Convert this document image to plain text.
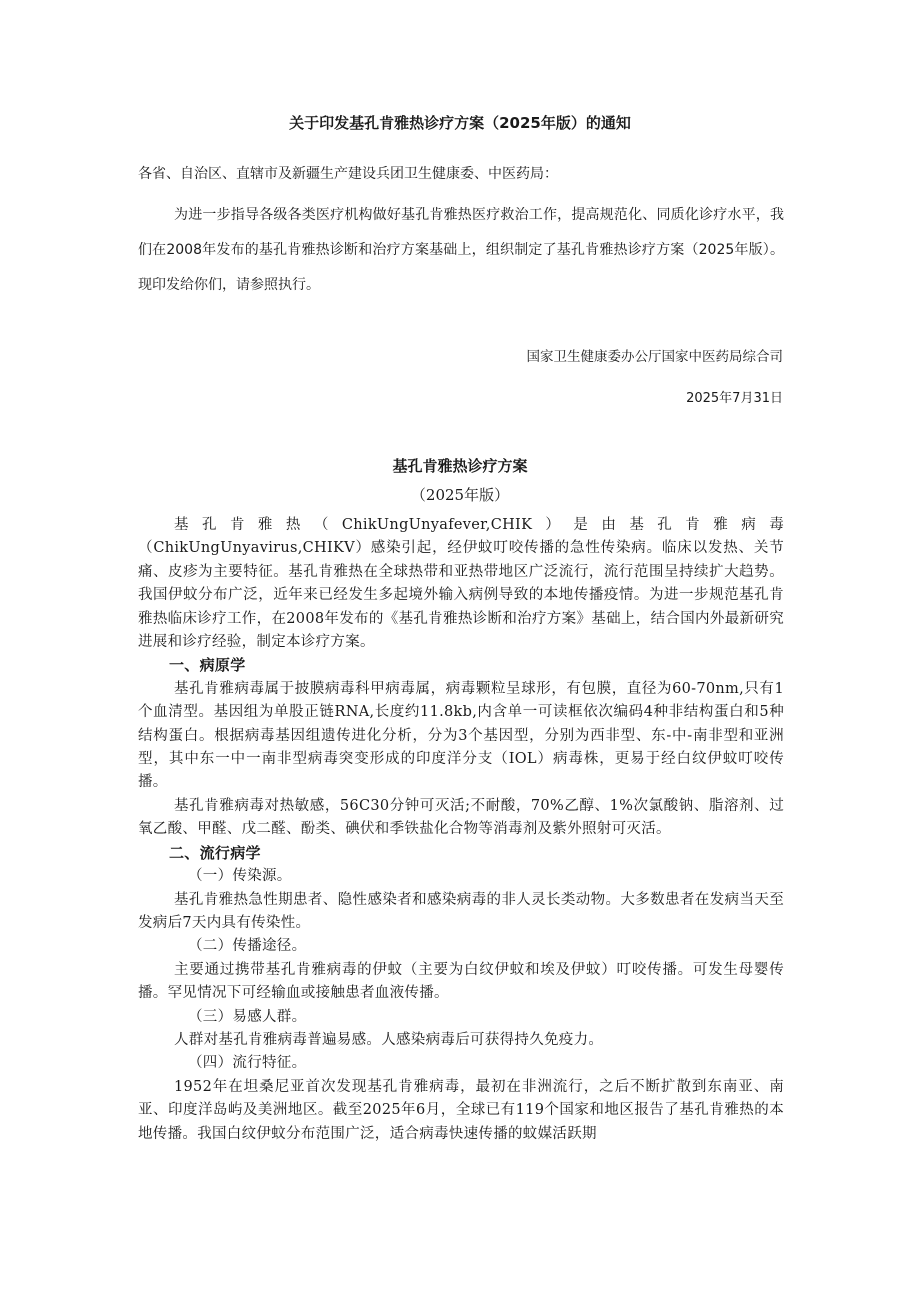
关于印发基孔肯雅热诊疗方案（2025年版）的通知
各省、自治区、直辖市及新疆生产建设兵团卫生健康委、中医药局：
为进一步指导各级各类医疗机构做好基孔肯雅热医疗救治工作，提高规范化、同质化诊疗水平，我们在2008年发布的基孔肯雅热诊断和治疗方案基础上，组织制定了基孔肯雅热诊疗方案（2025年版）。现印发给你们，请参照执行。
国家卫生健康委办公厅国家中医药局综合司
2025年7月31日
基孔肯雅热诊疗方案
（2025年版）

基孔肯雅热（ChikUngUnyafever,CHIK）是由基孔肯雅病毒（ChikUngUnyavirus,CHIKV）感染引起，经伊蚊叮咬传播的急性传染病。临床以发热、关节痛、皮疹为主要特征。基孔肯雅热在全球热带和亚热带地区广泛流行，流行范围呈持续扩大趋势。我国伊蚊分布广泛，近年来已经发生多起境外输入病例导致的本地传播疫情。为进一步规范基孔肯雅热临床诊疗工作，在2008年发布的《基孔肯雅热诊断和治疗方案》基础上，结合国内外最新研究进展和诊疗经验，制定本诊疗方案。

一、病原学

基孔肯雅病毒属于披膜病毒科甲病毒属，病毒颗粒呈球形，有包膜，直径为60-70nm,只有1个血清型。基因组为单股正链RNA,长度约11.8kb,内含单一可读框依次编码4种非结构蛋白和5种结构蛋白。根据病毒基因组遗传进化分析，分为3个基因型，分别为西非型、东-中-南非型和亚洲型，其中东一中一南非型病毒突变形成的印度洋分支（IOL）病毒株，更易于经白纹伊蚊叮咬传播。

基孔肯雅病毒对热敏感，56C30分钟可灭活;不耐酸，70%乙醇、1%次氯酸钠、脂溶剂、过氧乙酸、甲醛、戊二醛、酚类、碘伏和季铁盐化合物等消毒剂及紫外照射可灭活。

二、流行病学

（一）传染源。

基孔肯雅热急性期患者、隐性感染者和感染病毒的非人灵长类动物。大多数患者在发病当天至发病后7天内具有传染性。

（二）传播途径。

主要通过携带基孔肯雅病毒的伊蚊（主要为白纹伊蚊和埃及伊蚊）叮咬传播。可发生母婴传播。罕见情况下可经输血或接触患者血液传播。

（三）易感人群。

人群对基孔肯雅病毒普遍易感。人感染病毒后可获得持久免疫力。

（四）流行特征。

1952年在坦桑尼亚首次发现基孔肯雅病毒，最初在非洲流行，之后不断扩散到东南亚、南亚、印度洋岛屿及美洲地区。截至2025年6月，全球已有119个国家和地区报告了基孔肯雅热的本地传播。我国白纹伊蚊分布范围广泛，适合病毒快速传播的蚊媒活跃期
